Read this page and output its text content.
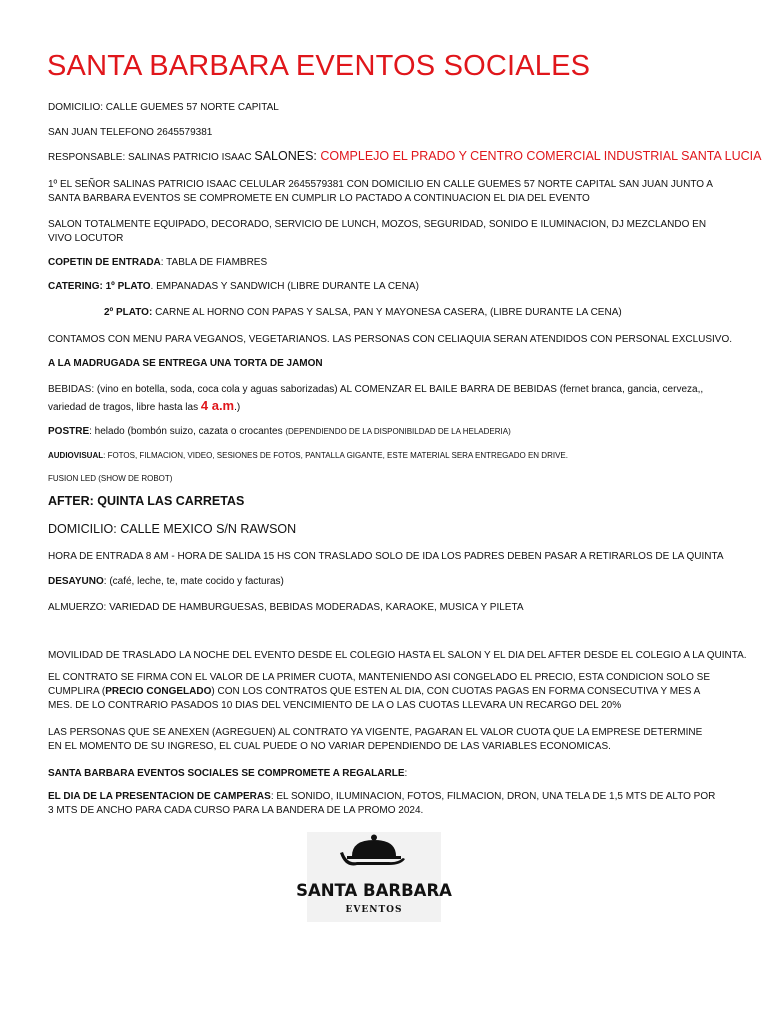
SANTA BARBARA EVENTOS SOCIALES
DOMICILIO: CALLE GUEMES 57 NORTE CAPITAL
SAN JUAN TELEFONO 2645579381
RESPONSABLE: SALINAS PATRICIO ISAAC SALONES: COMPLEJO EL PRADO Y CENTRO COMERCIAL INDUSTRIAL SANTA LUCIA
1º EL SEÑOR SALINAS PATRICIO ISAAC CELULAR 2645579381 CON DOMICILIO EN CALLE GUEMES 57 NORTE CAPITAL SAN JUAN JUNTO A SANTA BARBARA EVENTOS SE COMPROMETE EN CUMPLIR LO PACTADO A CONTINUACION EL DIA DEL EVENTO
SALON TOTALMENTE EQUIPADO, DECORADO, SERVICIO DE LUNCH, MOZOS, SEGURIDAD, SONIDO E ILUMINACION, DJ MEZCLANDO EN VIVO LOCUTOR
COPETIN DE ENTRADA: TABLA DE FIAMBRES
CATERING: 1º PLATO. EMPANADAS Y SANDWICH (LIBRE DURANTE LA CENA)
2º PLATO: CARNE AL HORNO CON PAPAS Y SALSA, PAN Y MAYONESA CASERA, (LIBRE DURANTE LA CENA)
CONTAMOS CON MENU PARA VEGANOS, VEGETARIANOS. LAS PERSONAS CON CELIAQUIA SERAN ATENDIDOS CON PERSONAL EXCLUSIVO.
A LA MADRUGADA SE ENTREGA UNA TORTA DE JAMON
BEBIDAS: (vino en botella, soda, coca cola y aguas saborizadas) AL COMENZAR EL BAILE BARRA DE BEBIDAS (fernet branca, gancia, cerveza,, variedad de tragos, libre hasta las 4 a.m.)
POSTRE: helado (bombón suizo, cazata o crocantes (DEPENDIENDO DE LA DISPONIBILDAD DE LA HELADERIA)
AUDIOVISUAL: FOTOS, FILMACION, VIDEO, SESIONES DE FOTOS, PANTALLA GIGANTE, ESTE MATERIAL SERA ENTREGADO EN DRIVE.
FUSION LED (SHOW DE ROBOT)
AFTER: QUINTA LAS CARRETAS
DOMICILIO: CALLE MEXICO S/N RAWSON
HORA DE ENTRADA 8 AM - HORA DE SALIDA 15 HS CON TRASLADO SOLO DE IDA LOS PADRES DEBEN PASAR A RETIRARLOS DE LA QUINTA
DESAYUNO: (café, leche, te, mate cocido y facturas)
ALMUERZO: VARIEDAD DE HAMBURGUESAS, BEBIDAS MODERADAS, KARAOKE, MUSICA Y PILETA
MOVILIDAD DE TRASLADO LA NOCHE DEL EVENTO DESDE EL COLEGIO HASTA EL SALON Y EL DIA DEL AFTER DESDE EL COLEGIO A LA QUINTA.
EL CONTRATO SE FIRMA CON EL VALOR DE LA PRIMER CUOTA, MANTENIENDO ASI CONGELADO EL PRECIO, ESTA CONDICION SOLO SE CUMPLIRA (PRECIO CONGELADO) CON LOS CONTRATOS QUE ESTEN AL DIA, CON CUOTAS PAGAS EN FORMA CONSECUTIVA Y MES A MES. DE LO CONTRARIO PASADOS 10 DIAS DEL VENCIMIENTO DE LA O LAS CUOTAS LLEVARA UN RECARGO DEL 20%
LAS PERSONAS QUE SE ANEXEN (AGREGUEN) AL CONTRATO YA VIGENTE, PAGARAN EL VALOR CUOTA QUE LA EMPRESE DETERMINE EN EL MOMENTO DE SU INGRESO, EL CUAL PUEDE O NO VARIAR DEPENDIENDO DE LAS VARIABLES ECONOMICAS.
SANTA BARBARA EVENTOS SOCIALES SE COMPROMETE A REGALARLE:
EL DIA DE LA PRESENTACION DE CAMPERAS: EL SONIDO, ILUMINACION, FOTOS, FILMACION, DRON, UNA TELA DE 1,5 MTS DE ALTO POR 3 MTS DE ANCHO PARA CADA CURSO PARA LA BANDERA DE LA PROMO 2024.
SANTA BARBARA
EVENTOS
